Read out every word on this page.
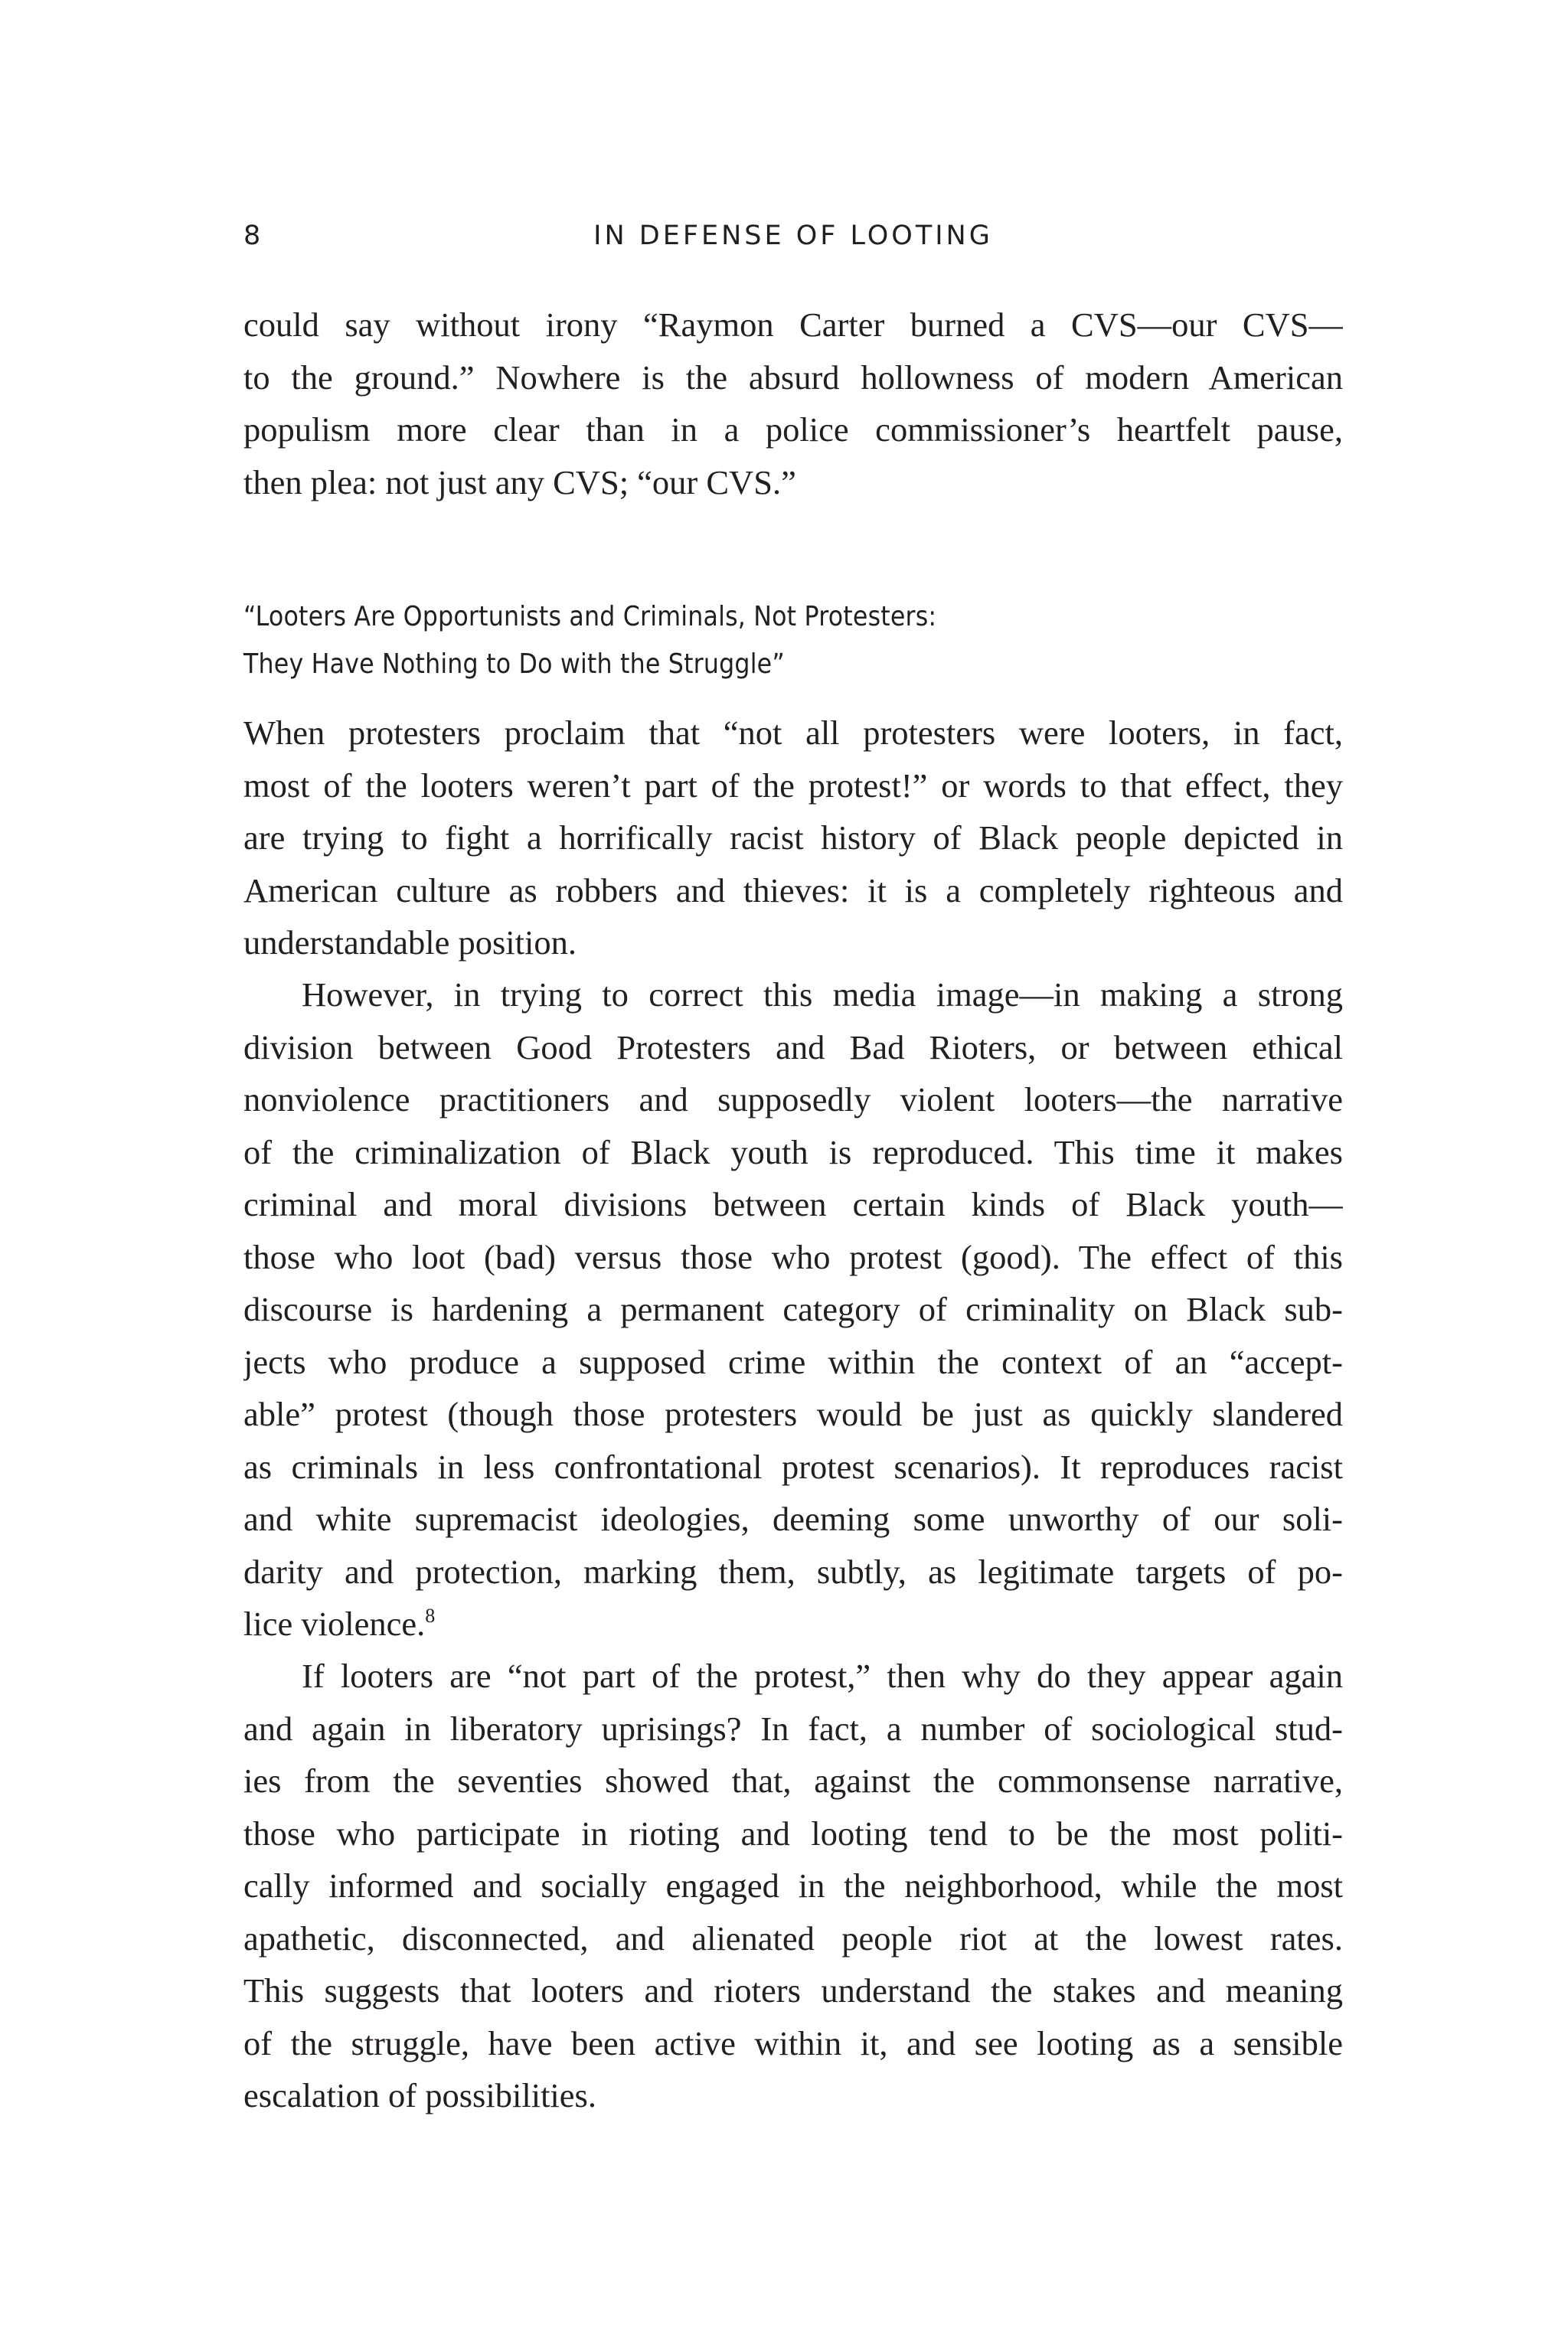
8	IN DEFENSE OF LOOTING
could say without irony “Raymon Carter burned a CVS—our CVS—
to the ground.” Nowhere is the absurd hollowness of modern American
populism more clear than in a police commissioner’s heartfelt pause,
then plea: not just any CVS; “our CVS.”
“Looters Are Opportunists and Criminals, Not Protesters:
They Have Nothing to Do with the Struggle”
When protesters proclaim that “not all protesters were looters, in fact,
most of the looters weren’t part of the protest!” or words to that effect, they
are trying to fight a horrifically racist history of Black people depicted in
American culture as robbers and thieves: it is a completely righteous and
understandable position.
However, in trying to correct this media image—in making a strong
division between Good Protesters and Bad Rioters, or between ethical
nonviolence practitioners and supposedly violent looters—the narrative
of the criminalization of Black youth is reproduced. This time it makes
criminal and moral divisions between certain kinds of Black youth—
those who loot (bad) versus those who protest (good). The effect of this
discourse is hardening a permanent category of criminality on Black sub-
jects who produce a supposed crime within the context of an “accept-
able” protest (though those protesters would be just as quickly slandered
as criminals in less confrontational protest scenarios). It reproduces racist
and white supremacist ideologies, deeming some unworthy of our soli-
darity and protection, marking them, subtly, as legitimate targets of po-
lice violence.$^8$
If looters are “not part of the protest,” then why do they appear again
and again in liberatory uprisings? In fact, a number of sociological stud-
ies from the seventies showed that, against the commonsense narrative,
those who participate in rioting and looting tend to be the most politi-
cally informed and socially engaged in the neighborhood, while the most
apathetic, disconnected, and alienated people riot at the lowest rates.
This suggests that looters and rioters understand the stakes and meaning
of the struggle, have been active within it, and see looting as a sensible
escalation of possibilities.
